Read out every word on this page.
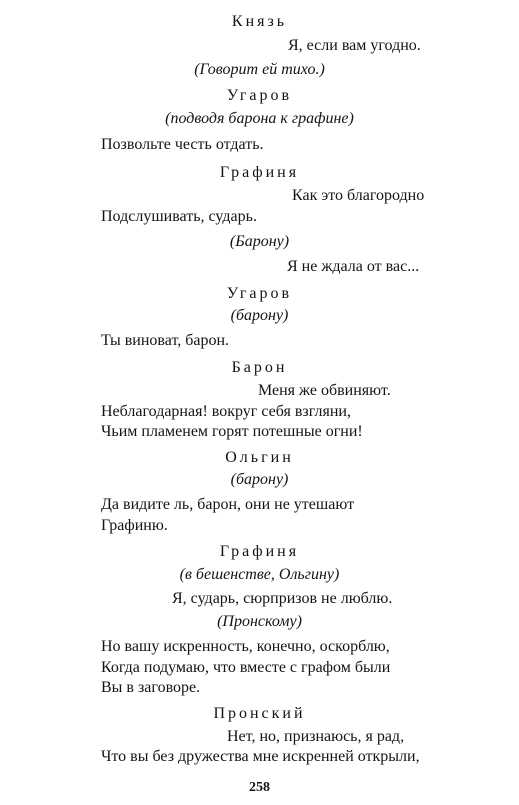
Князь
Я, если вам угодно.
(Говорит ей тихо.)
Угаров
(подводя барона к графине)
Позвольте честь отдать.
Графиня
Как это благородно
Подслушивать, сударь.
(Барону)
Я не ждала от вас...
Угаров
(барону)
Ты виноват, барон.
Барон
Меня же обвиняют.
Неблагодарная! вокруг себя взгляни,
Чьим пламенем горят потешные огни!
Ольгин
(барону)
Да видите ль, барон, они не утешают
Графиню.
Графиня
(в бешенстве, Ольгину)
Я, сударь, сюрпризов не люблю.
(Пронскому)
Но вашу искренность, конечно, оскорблю,
Когда подумаю, что вместе с графом были
Вы в заговоре.
Пронский
Нет, но, признаюсь, я рад,
Что вы без дружества мне искренней открыли,
258
